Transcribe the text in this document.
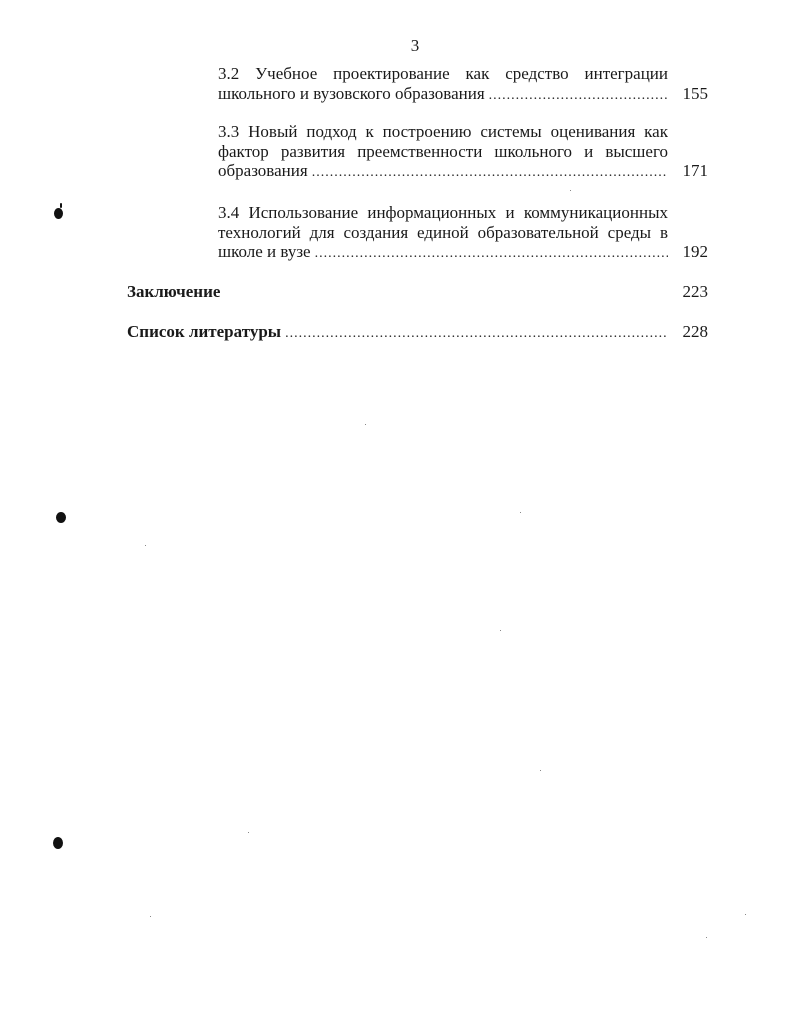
3
3.2 Учебное проектирование как средство интеграции
школьного и вузовского образования .....	155
3.3 Новый подход к построению системы оценивания как
фактор развития преемственности школьного и высшего
образования .....	171
3.4 Использование информационных и коммуникационных
технологий для создания единой образовательной среды в
школе и вузе .....	192
Заключение	223
Список литературы .....	228
